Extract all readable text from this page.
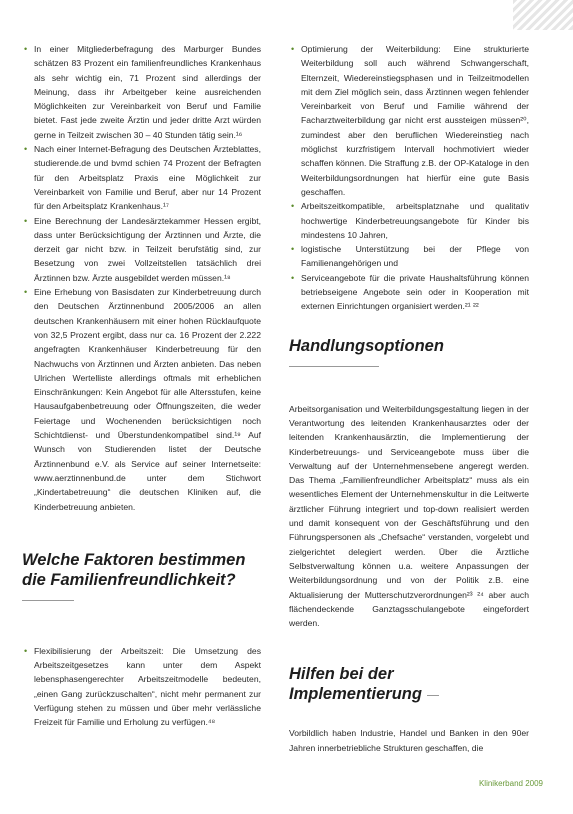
• In einer Mitgliederbefragung des Marburger Bundes schätzen 83 Prozent ein familienfreundliches Krankenhaus als sehr wichtig ein, 71 Prozent sind allerdings der Meinung, dass ihr Arbeitgeber keine ausreichenden Möglichkeiten zur Vereinbarkeit von Beruf und Familie bietet. Fast jede zweite Ärztin und jeder dritte Arzt würden gerne in Teilzeit zwischen 30 – 40 Stunden tätig sein.¹⁶
• Nach einer Internet-Befragung des Deutschen Ärzteblattes, studierende.de und bvmd schien 74 Prozent der Befragten für den Arbeitsplatz Praxis eine Möglichkeit zur Vereinbarkeit von Familie und Beruf, aber nur 14 Prozent für den Arbeitsplatz Krankenhaus.¹⁷
• Eine Berechnung der Landesärztekammer Hessen ergibt, dass unter Berücksichtigung der Ärztinnen und Ärzte, die derzeit gar nicht bzw. in Teilzeit berufstätig sind, zur Besetzung von zwei Vollzeitstellen tatsächlich drei Ärztinnen bzw. Ärzte ausgebildet werden müssen.¹⁸
• Eine Erhebung von Basisdaten zur Kinderbetreuung durch den Deutschen Ärztinnenbund 2005/2006 an allen deutschen Krankenhäusern mit einer hohen Rücklaufquote von 32,5 Prozent ergibt, dass nur ca. 16 Prozent der 2.222 angefragten Krankenhäuser Kinderbetreuung für den Nachwuchs von Ärztinnen und Ärzten anbieten. Das neben Ulrichen Wertelliste allerdings oftmals mit erheblichen Einschränkungen: Kein Angebot für alle Altersstufen, keine Hausaufgabenbetreuung oder Öffnungszeiten, die weder Feiertage und Wochenenden berücksichtigen noch Schichtdienst- und Überstundenkompatibel sind.¹⁹ Auf Wunsch von Studierenden listet der Deutsche Ärztinnenbund e.V. als Service auf seiner Internetseite: www.aerztinnenbund.de unter dem Stichwort „Kindertabetreuung“ die deutschen Kliniken auf, die Kinderbetreuung anbieten.
Welche Faktoren bestimmen die Familienfreundlichkeit?
• Flexibilisierung der Arbeitszeit: Die Umsetzung des Arbeitszeitgesetzes kann unter dem Aspekt lebensphasengerechter Arbeitszeitmodelle bedeuten, „einen Gang zurückzuschalten“, nicht mehr permanent zur Verfügung stehen zu müssen und über mehr verlässliche Freizeit für Familie und Erholung zu verfügen.⁴⁸
• Optimierung der Weiterbildung: Eine strukturierte Weiterbildung soll auch während Schwangerschaft, Elternzeit, Wiedereinstiegsphasen und in Teilzeitmodellen mit dem Ziel möglich sein, dass Ärztinnen wegen fehlender Vereinbarkeit von Beruf und Familie während der Facharztweiterbildung gar nicht erst aussteigen müssen²⁰, zumindest aber den beruflichen Wiedereinstieg nach möglichst kurzfristigem Intervall hochmotiviert wieder schaffen können. Die Straffung z.B. der OP-Kataloge in den Weiterbildungsordnungen hat hierfür eine gute Basis geschaffen.
• Arbeitszeitkompatible, arbeitsplatznahe und qualitativ hochwertige Kinderbetreuungsangebote für Kinder bis mindestens 10 Jahren,
• logistische Unterstützung bei der Pflege von Familienangehörigen und
• Serviceangebote für die private Haushaltsführung können betriebseigene Angebote sein oder in Kooperation mit externen Einrichtungen organisiert werden.²¹ ²²
Handlungsoptionen

Arbeitsorganisation und Weiterbildungsgestaltung liegen in der Verantwortung des leitenden Krankenhausarztes oder der leitenden Krankenhausärztin, die Implementierung der Kinderbetreuungs- und Serviceangebote muss über die Verwaltung auf der Unternehmensebene angeregt werden. Das Thema „Familienfreundlicher Arbeitsplatz“ muss als ein wesentliches Element der Unternehmenskultur in die Leitwerte ärztlicher Führung integriert und top-down realisiert werden und damit konsequent von der Geschäftsführung und den Führungspersonen als „Chefsache“ verstanden, vorgelebt und zielgerichtet delegiert werden. Über die Ärztliche Selbstverwaltung können u.a. weitere Anpassungen der Weiterbildungsordnung und von der Politik z.B. eine Aktualisierung der Mutterschutzverordnungen²³ ²⁴ aber auch flächendeckende Ganztagsschulangebote eingefordert werden.

Hilfen bei der Implementierung

Vorbildlich haben Industrie, Handel und Banken in den 90er Jahren innerbetriebliche Strukturen geschaffen, die

Klinikerband 2009
